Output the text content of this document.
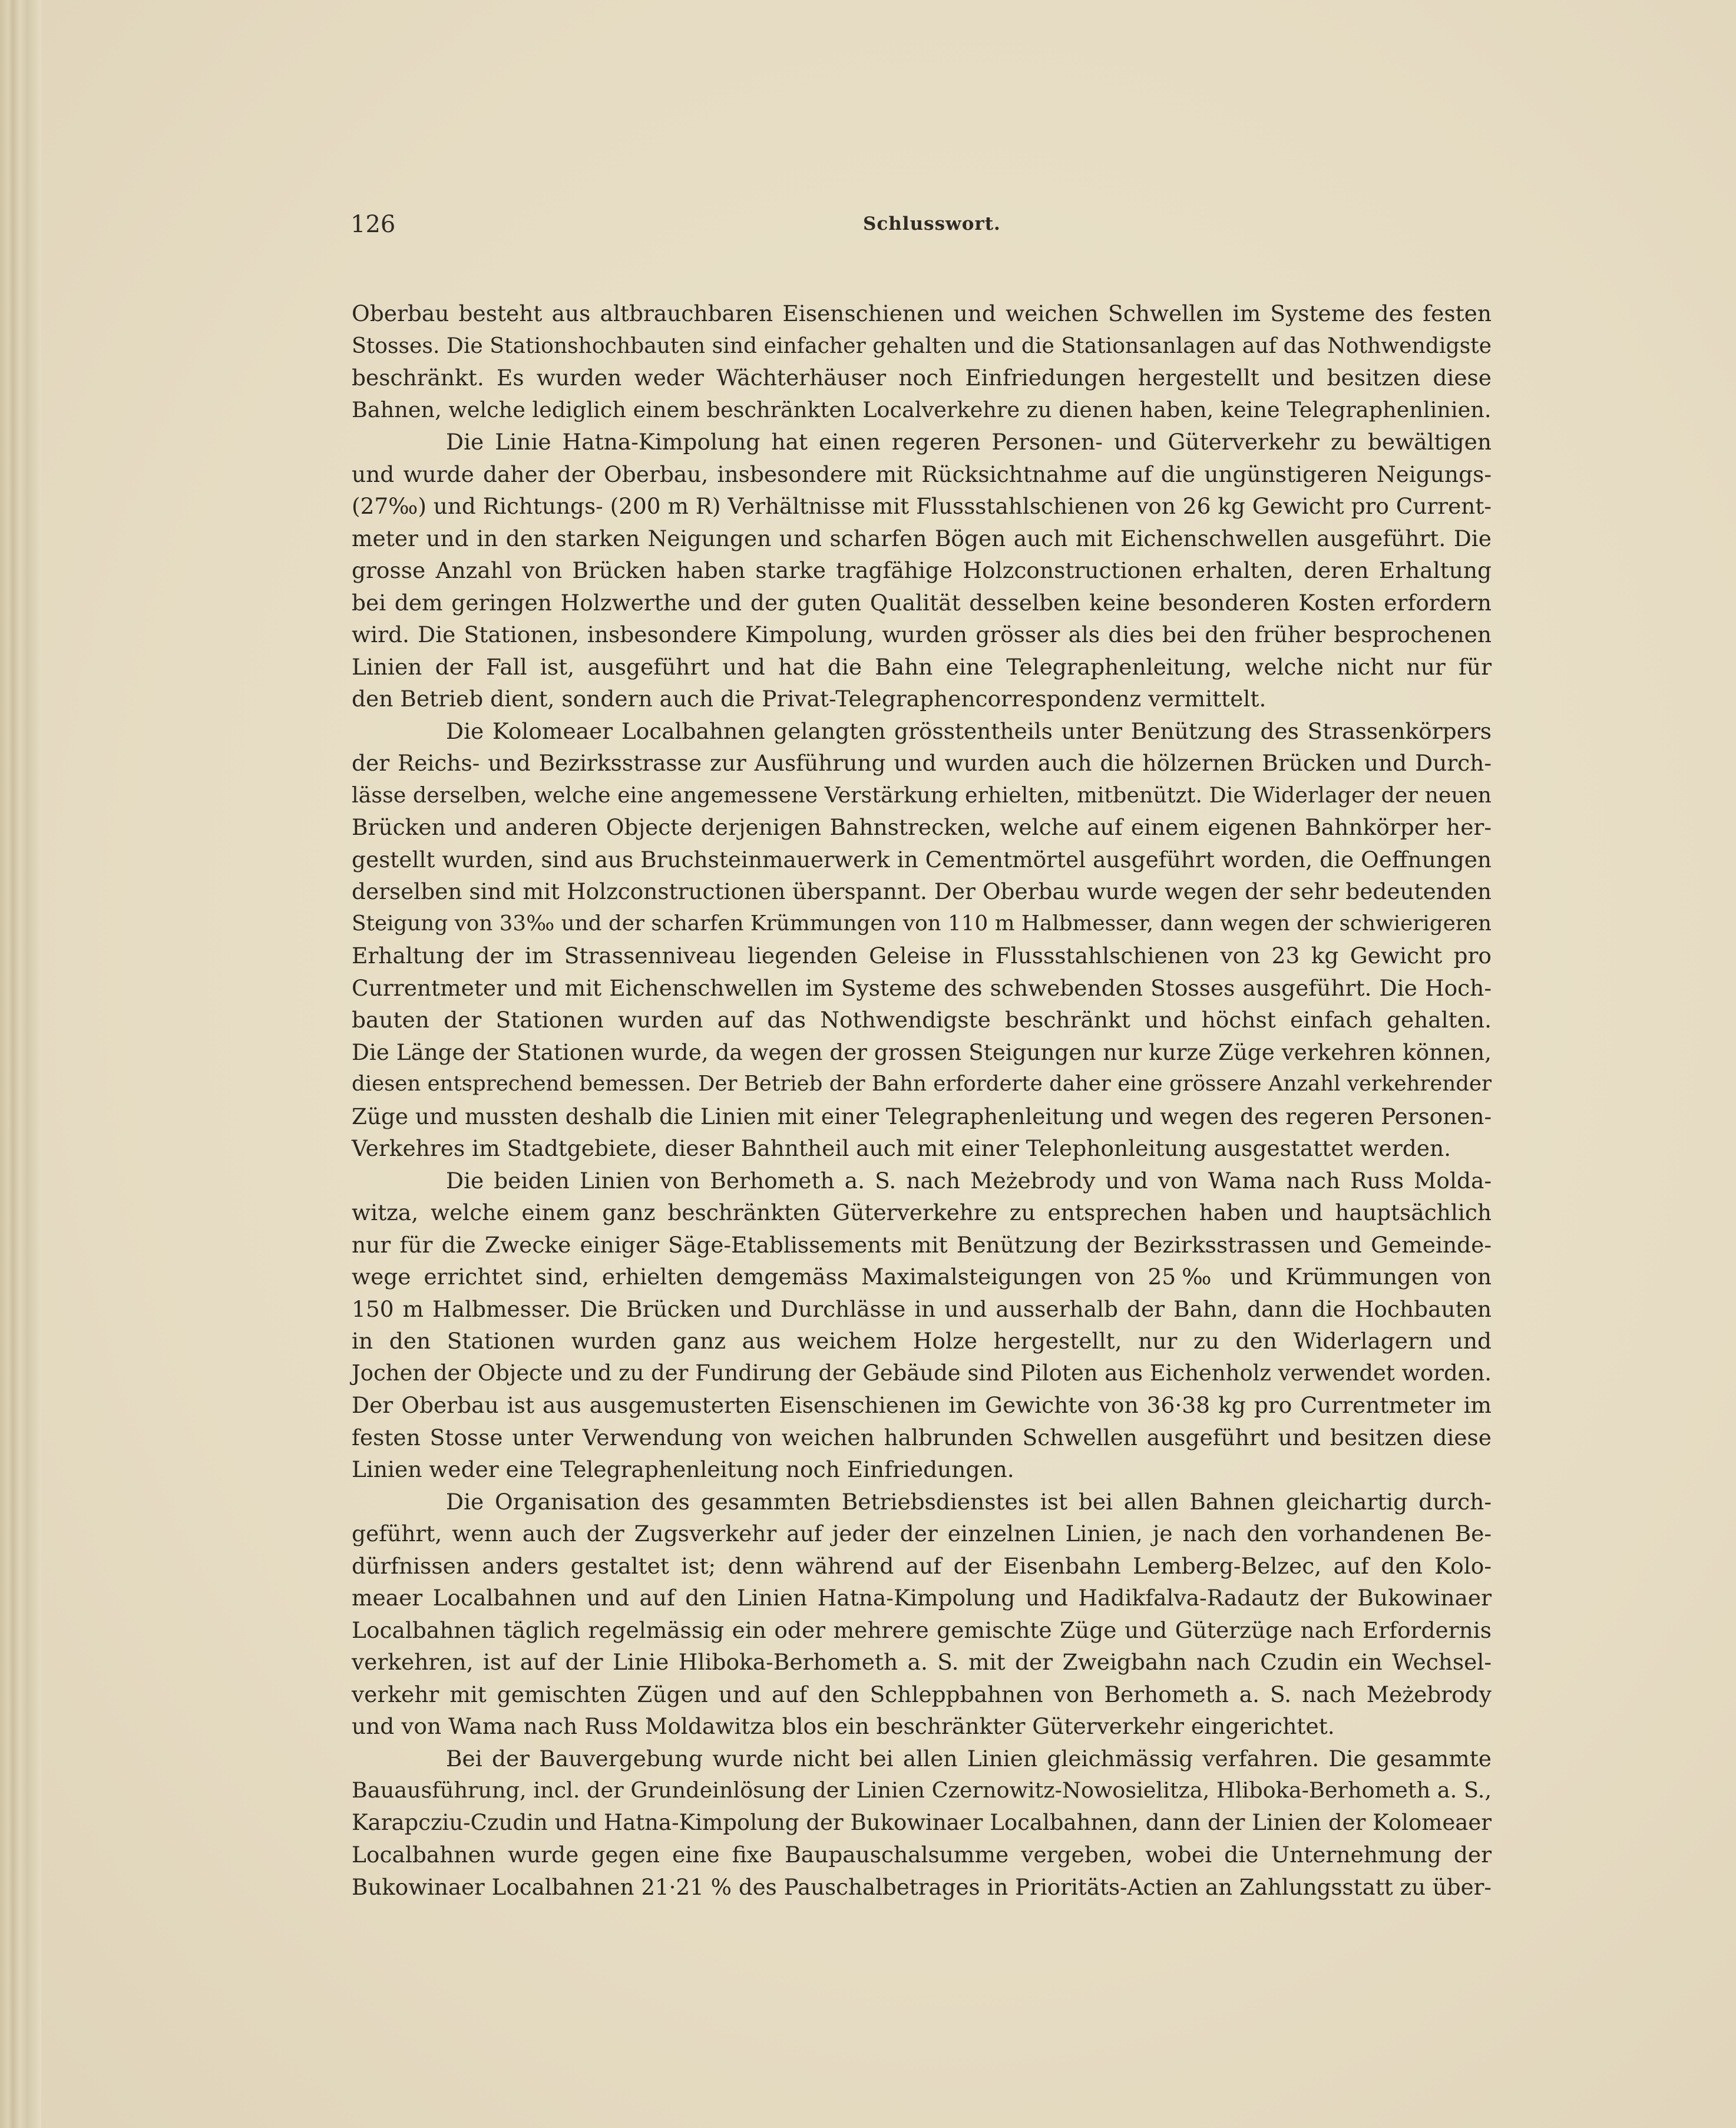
126	Schlusswort.
Oberbau besteht aus altbrauchbaren Eisenschienen und weichen Schwellen im Systeme des festen
Stosses. Die Stationshochbauten sind einfacher gehalten und die Stationsanlagen auf das Nothwendigste
beschränkt. Es wurden weder Wächterhäuser noch Einfriedungen hergestellt und besitzen diese
Bahnen, welche lediglich einem beschränkten Localverkehre zu dienen haben, keine Telegraphenlinien.
Die Linie Hatna-Kimpolung hat einen regeren Personen- und Güterverkehr zu bewältigen
und wurde daher der Oberbau, insbesondere mit Rücksichtnahme auf die ungünstigeren Neigungs-
(27‰) und Richtungs- (200 m R) Verhältnisse mit Flussstahlschienen von 26 kg Gewicht pro Current-
meter und in den starken Neigungen und scharfen Bögen auch mit Eichenschwellen ausgeführt. Die
grosse Anzahl von Brücken haben starke tragfähige Holzconstructionen erhalten, deren Erhaltung
bei dem geringen Holzwerthe und der guten Qualität desselben keine besonderen Kosten erfordern
wird. Die Stationen, insbesondere Kimpolung, wurden grösser als dies bei den früher besprochenen
Linien der Fall ist, ausgeführt und hat die Bahn eine Telegraphenleitung, welche nicht nur für
den Betrieb dient, sondern auch die Privat-Telegraphencorrespondenz vermittelt.
Die Kolomeaer Localbahnen gelangten grösstentheils unter Benützung des Strassenkörpers
der Reichs- und Bezirksstrasse zur Ausführung und wurden auch die hölzernen Brücken und Durch-
lässe derselben, welche eine angemessene Verstärkung erhielten, mitbenützt. Die Widerlager der neuen
Brücken und anderen Objecte derjenigen Bahnstrecken, welche auf einem eigenen Bahnkörper her-
gestellt wurden, sind aus Bruchsteinmauerwerk in Cementmörtel ausgeführt worden, die Oeffnungen
derselben sind mit Holzconstructionen überspannt. Der Oberbau wurde wegen der sehr bedeutenden
Steigung von 33‰ und der scharfen Krümmungen von 110 m Halbmesser, dann wegen der schwierigeren
Erhaltung der im Strassenniveau liegenden Geleise in Flussstahlschienen von 23 kg Gewicht pro
Currentmeter und mit Eichenschwellen im Systeme des schwebenden Stosses ausgeführt. Die Hoch-
bauten der Stationen wurden auf das Nothwendigste beschränkt und höchst einfach gehalten.
Die Länge der Stationen wurde, da wegen der grossen Steigungen nur kurze Züge verkehren können,
diesen entsprechend bemessen. Der Betrieb der Bahn erforderte daher eine grössere Anzahl verkehrender
Züge und mussten deshalb die Linien mit einer Telegraphenleitung und wegen des regeren Personen-
Verkehres im Stadtgebiete, dieser Bahntheil auch mit einer Telephonleitung ausgestattet werden.
Die beiden Linien von Berhometh a. S. nach Meżebrody und von Wama nach Russ Molda-
witza, welche einem ganz beschränkten Güterverkehre zu entsprechen haben und hauptsächlich
nur für die Zwecke einiger Säge-Etablissements mit Benützung der Bezirksstrassen und Gemeinde-
wege errichtet sind, erhielten demgemäss Maximalsteigungen von 25‰ und Krümmungen von
150 m Halbmesser. Die Brücken und Durchlässe in und ausserhalb der Bahn, dann die Hochbauten
in den Stationen wurden ganz aus weichem Holze hergestellt, nur zu den Widerlagern und
Jochen der Objecte und zu der Fundirung der Gebäude sind Piloten aus Eichenholz verwendet worden.
Der Oberbau ist aus ausgemusterten Eisenschienen im Gewichte von 36·38 kg pro Currentmeter im
festen Stosse unter Verwendung von weichen halbrunden Schwellen ausgeführt und besitzen diese
Linien weder eine Telegraphenleitung noch Einfriedungen.
Die Organisation des gesammten Betriebsdienstes ist bei allen Bahnen gleichartig durch-
geführt, wenn auch der Zugsverkehr auf jeder der einzelnen Linien, je nach den vorhandenen Be-
dürfnissen anders gestaltet ist; denn während auf der Eisenbahn Lemberg-Belzec, auf den Kolo-
meaer Localbahnen und auf den Linien Hatna-Kimpolung und Hadikfalva-Radautz der Bukowinaer
Localbahnen täglich regelmässig ein oder mehrere gemischte Züge und Güterzüge nach Erfordernis
verkehren, ist auf der Linie Hliboka-Berhometh a. S. mit der Zweigbahn nach Czudin ein Wechsel-
verkehr mit gemischten Zügen und auf den Schleppbahnen von Berhometh a. S. nach Meżebrody
und von Wama nach Russ Moldawitza blos ein beschränkter Güterverkehr eingerichtet.
Bei der Bauvergebung wurde nicht bei allen Linien gleichmässig verfahren. Die gesammte
Bauausführung, incl. der Grundeinlösung der Linien Czernowitz-Nowosielitza, Hliboka-Berhometh a. S.,
Karapcziu-Czudin und Hatna-Kimpolung der Bukowinaer Localbahnen, dann der Linien der Kolomeaer
Localbahnen wurde gegen eine fixe Baupauschalsumme vergeben, wobei die Unternehmung der
Bukowinaer Localbahnen 21·21 % des Pauschalbetrages in Prioritäts-Actien an Zahlungsstatt zu über-
